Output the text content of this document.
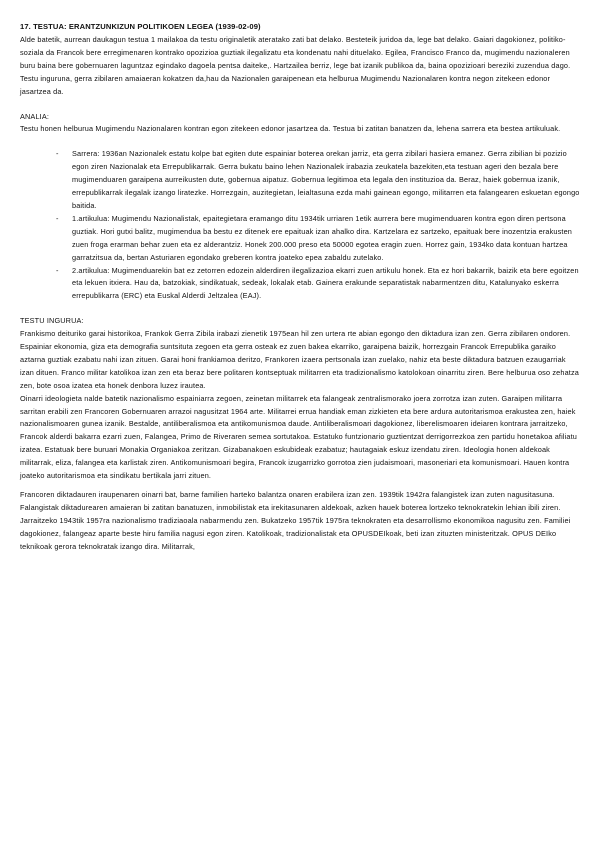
17. TESTUA: ERANTZUNKIZUN POLITIKOEN LEGEA (1939-02-09)

Alde batetik, aurrean daukagun testua 1 mailakoa da testu originaletik ateratako zati bat delako. Besteteik juridoa da, lege bat delako. Gaiari dagokionez, politiko-soziala da Francok bere erregimenaren kontrako opozizioa guztiak ilegalizatu eta kondenatu nahi dituelako. Egilea, Francisco Franco da, mugimendu nazionaleren buru baina bere gobernuaren laguntzaz egindako dagoela pentsa daiteke,. Hartzailea berriz, lege bat izanik publikoa da, baina opozizioari bereziki zuzendua dago. Testu inguruna, gerra zibilaren amaiaeran kokatzen da,hau da Nazionalen garaipenean eta helburua Mugimendu Nazionalaren kontra negon zitekeen edonor jasartzea da.

ANALIA:

Testu honen helburua Mugimendu Nazionalaren kontran egon zitekeen edonor jasartzea da. Testua bi zatitan banatzen da, lehena sarrera eta bestea artikuluak.

- Sarrera: 1936an Nazionalek estatu kolpe bat egiten dute espainiar boterea orekan jarriz, eta gerra zibilari hasiera emanez. Gerra zibilian bi pozizio egon ziren Nazionalak eta Errepublikarrak. Gerra bukatu baino lehen Nazionalek irabazia zeukatela bazekiten,eta testuan ageri den bezala bere mugimenduaren garaipena aurreikusten dute, gobernua aipatuz. Gobernua legitimoa eta legala den instituzioa da. Beraz, haiek gobernua izanik, errepublikarrak ilegalak izango liratezke. Horrezgain, auzitegietan, leialtasuna ezda mahi gainean egongo, militarren eta falangearen eskuetan egongo baitida.
- 1.artikulua: Mugimendu Nazionalistak, epaitegietara eramango ditu 1934tik urriaren 1etik aurrera bere mugimenduaren kontra egon diren pertsona guztiak. Hori gutxi balitz, mugimendua ba bestu ez ditenek ere epaituak izan ahalko dira. Kartzelara ez sartzeko, epaituak bere inozentzia erakusten zuen froga erarman behar zuen eta ez alderantziz. Honek 200.000 preso eta 50000 egotea eragin zuen. Horrez gain, 1934ko data kontuan hartzea garratzitsua da, bertan Asturiaren egondako greberen kontra joateko epea zabaldu zutelako.
- 2.artikulua: Mugimenduarekin bat ez zetorren edozein alderdiren ilegalizazioa ekarri zuen artikulu honek. Eta ez hori bakarrik, baizik eta bere egoitzen eta lekuen itxiera. Hau da, batzokiak, sindikatuak, sedeak, lokalak etab. Gainera erakunde separatistak nabarmentzen ditu, Katalunyako eskerra errepublikarra (ERC) eta Euskal Alderdi Jeltzalea (EAJ).
TESTU INGURUA:

Frankismo deituriko garai historikoa, Frankok Gerra Zibila irabazi zienetik 1975ean hil zen urtera rte abian egongo den diktadura izan zen. Gerra zibilaren ondoren. Espainiar ekonomia, giza eta demografia suntsituta zegoen eta gerra osteak ez zuen bakea ekarriko, garaipena baizik, horrezgain Francok Errepublika garaiko aztarna guztiak ezabatu nahi izan zituen. Garai honi frankiamoa deritzo, Frankoren izaera pertsonala izan zuelako, nahiz eta beste diktadura batzuen ezaugarriak izan dituen. Franco militar katolikoa izan zen eta beraz bere politaren kontseptuak militarren eta tradizionalismo katolokoan oinarritu ziren. Bere helburua oso zehatza zen, bote osoa izatea eta honek denbora luzez irautea.

Oinarri ideologieta nalde batetik nazionalismo espainiarra zegoen, zeinetan militarrek eta falangeak zentralismorako joera zorrotza izan zuten. Garaipen militarra sarritan erabili zen Francoren Gobernuaren arrazoi nagusitzat 1964 arte. Militarrei errua handiak eman zizkieten eta bere ardura autoritarismoa erakustea zen, haiek nazionalismoaren gunea izanik. Bestalde, antiliberalismoa eta antikomunismoa daude. Antiliberalismoari dagokionez, liberelismoaren ideiaren kontrara jarraitzeko, Francok alderdi bakarra ezarri zuen, Falangea, Primo de Riveraren semea sortutakoa. Estatuko funtzionario guztientzat derrigorrezkoa zen partidu honetakoa afiliatu izatea. Estatuak bere buruari Monakia Organiakoa zeritzan. Gizabanakoen eskubideak ezabatuz; hautagaiak eskuz izendatu ziren. Ideologia honen aldekoak militarrak, eliza, falangea eta karlistak ziren. Antikomunismoari begira, Francok izugarrizko gorrotoa zien judaismoari, masoneriari eta komunismoari. Hauen kontra joateko autoritarismoa eta sindikatu bertikala jarri zituen.

Francoren diktadauren iraupenaren oinarri bat, barne familien harteko balantza onaren erabilera izan zen. 1939tik 1942ra falangistek izan zuten nagusitasuna. Falangistak diktadurearen amaieran bi zatitan banatuzen, inmobilistak eta irekitasunaren aldekoak, azken hauek boterea lortzeko teknokratekin lehian ibili ziren. Jarraitzeko 1943tik 1957ra nazionalismo tradiziaoala nabarmendu zen. Bukatzeko 1957tik 1975ra teknokraten eta desarrollismo ekonomikoa nagusitu zen. Familiei dagokionez, falangeaz aparte beste hiru familia nagusi egon ziren. Katolikoak, tradizionalistak eta OPUSDEIkoak, beti izan zituzten ministeritzak. OPUS DEIko teknikoak gerora teknokratak izango dira. Militarrak,
